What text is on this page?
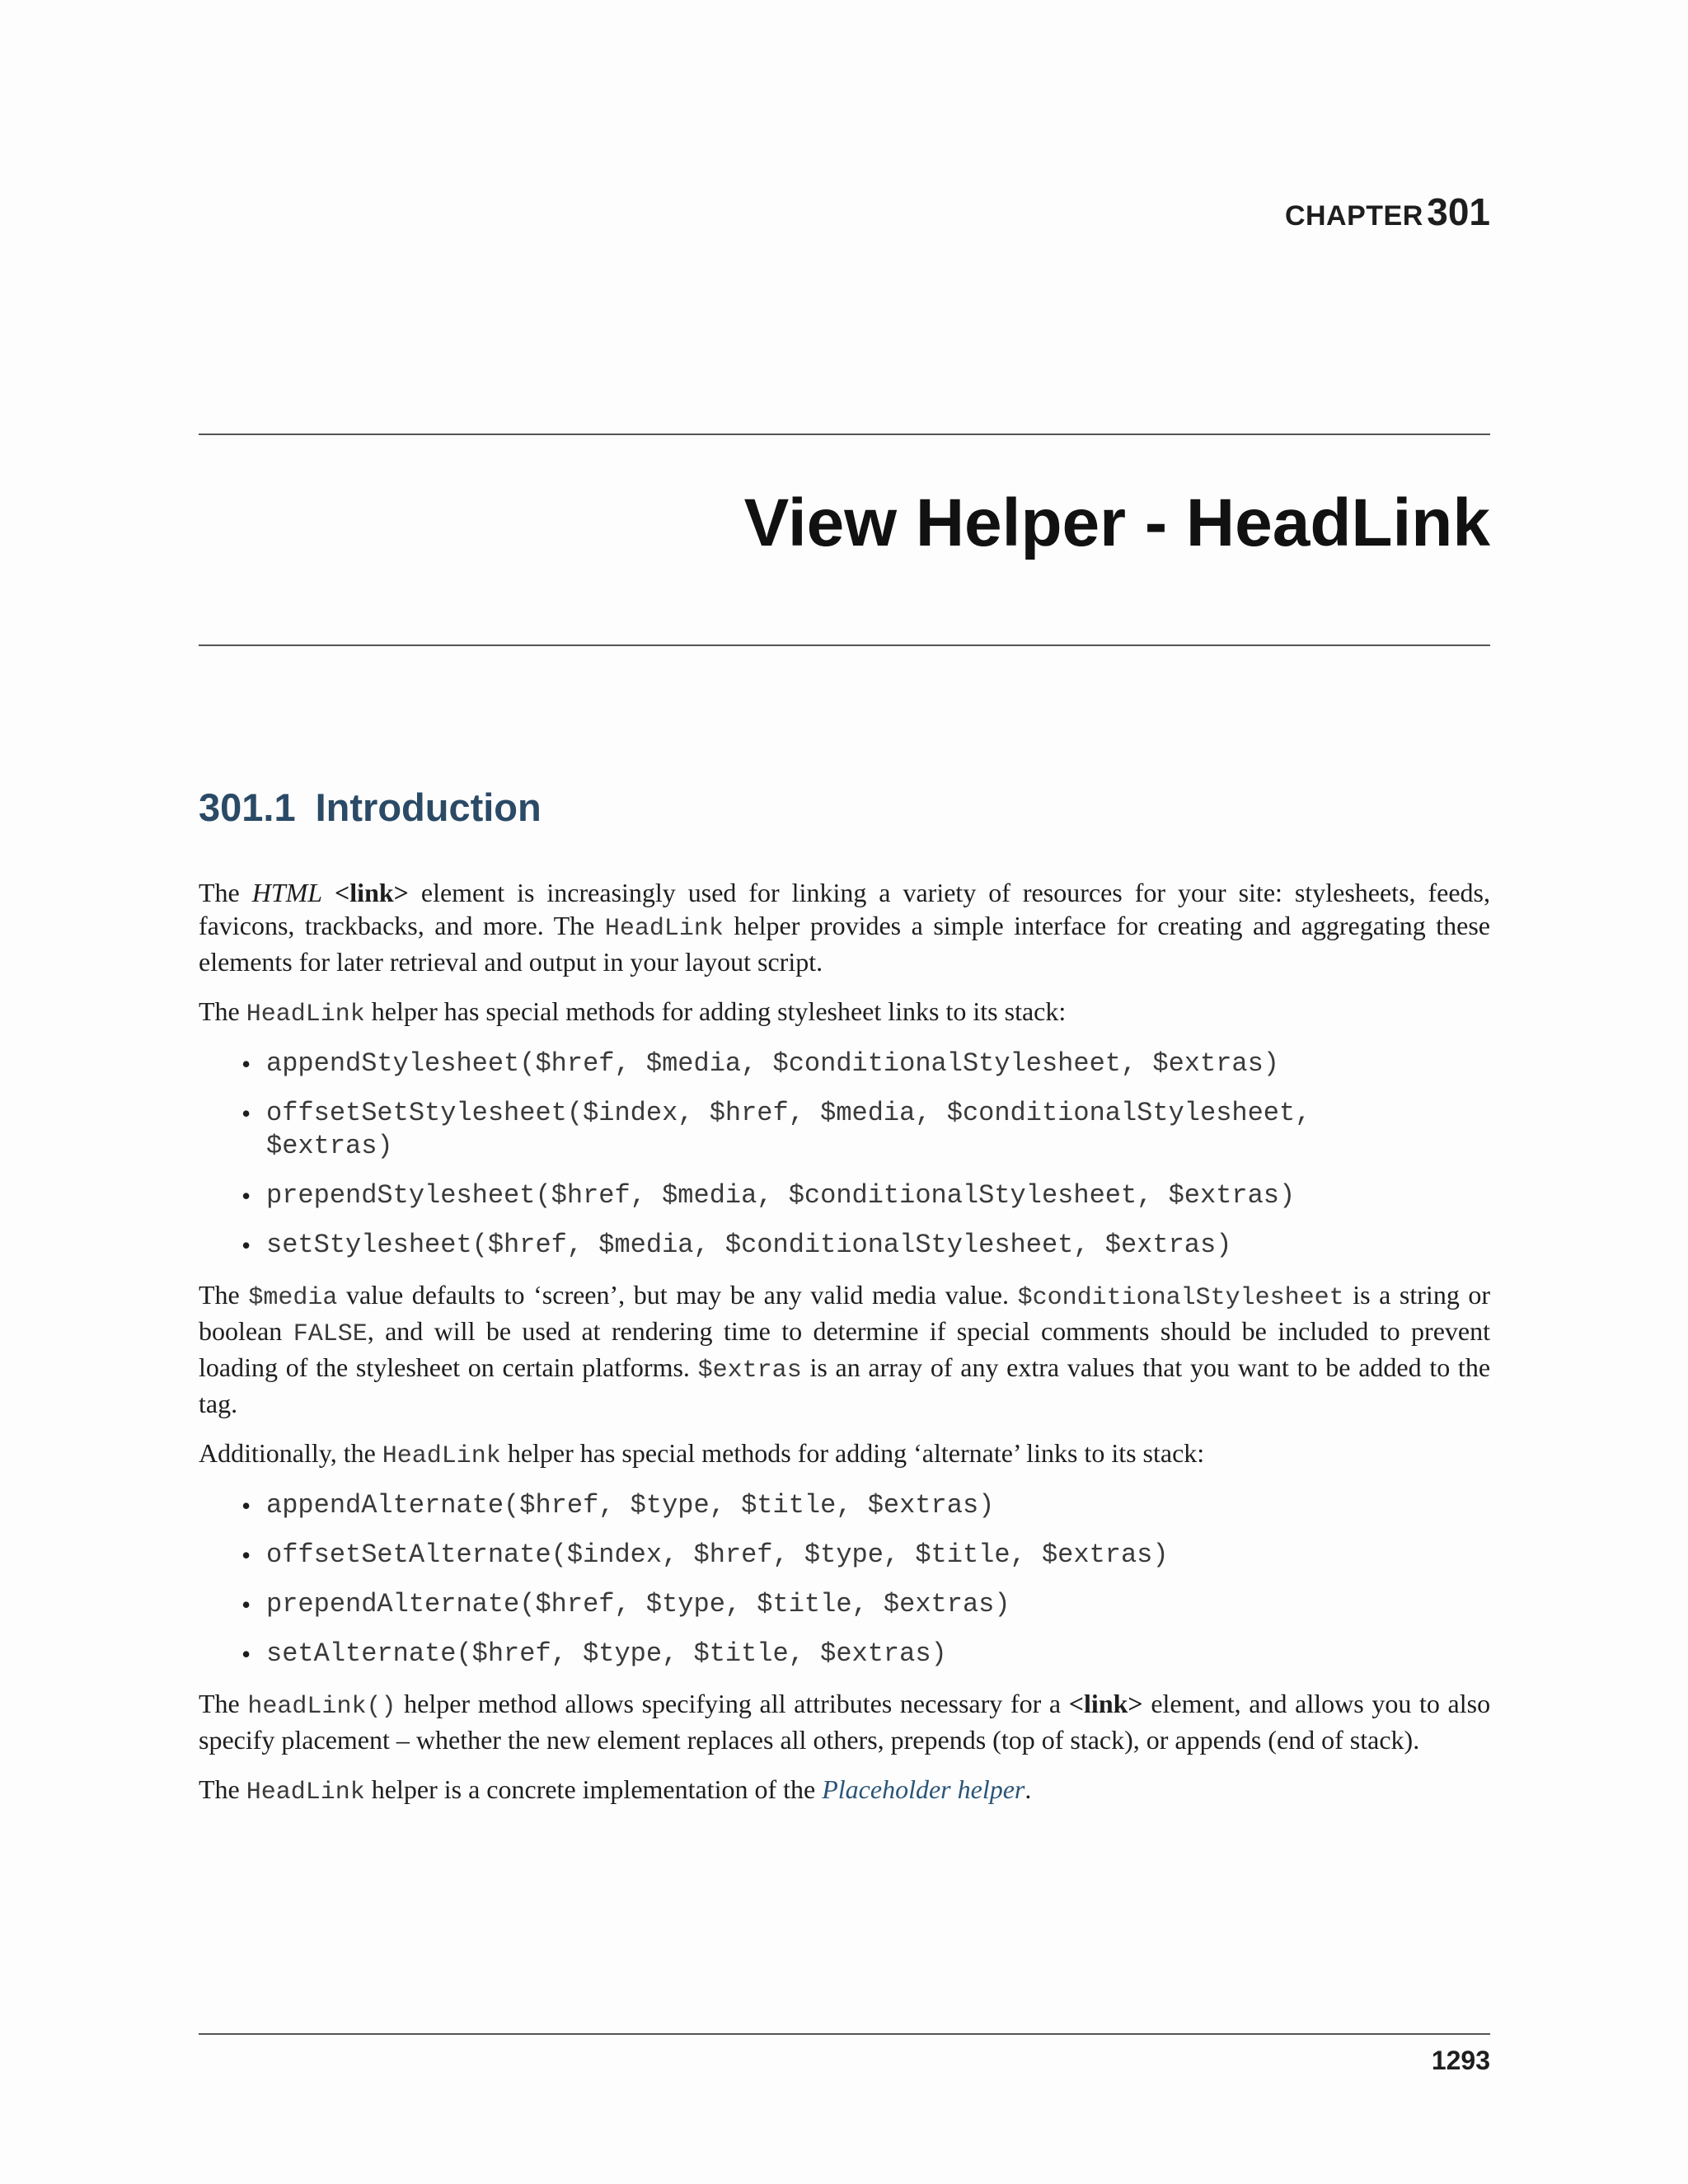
CHAPTER 301
View Helper - HeadLink
301.1 Introduction

The HTML <link> element is increasingly used for linking a variety of resources for your site: stylesheets, feeds, favicons, trackbacks, and more. The HeadLink helper provides a simple interface for creating and aggregating these elements for later retrieval and output in your layout script.

The HeadLink helper has special methods for adding stylesheet links to its stack:

• appendStylesheet($href, $media, $conditionalStylesheet, $extras)
• offsetSetStylesheet($index, $href, $media, $conditionalStylesheet,
$extras)
• prependStylesheet($href, $media, $conditionalStylesheet, $extras)
• setStylesheet($href, $media, $conditionalStylesheet, $extras)

The $media value defaults to ‘screen’, but may be any valid media value. $conditionalStylesheet is a string or boolean FALSE, and will be used at rendering time to determine if special comments should be included to prevent loading of the stylesheet on certain platforms. $extras is an array of any extra values that you want to be added to the tag.

Additionally, the HeadLink helper has special methods for adding ‘alternate’ links to its stack:

• appendAlternate($href, $type, $title, $extras)
• offsetSetAlternate($index, $href, $type, $title, $extras)
• prependAlternate($href, $type, $title, $extras)
• setAlternate($href, $type, $title, $extras)

The headLink() helper method allows specifying all attributes necessary for a <link> element, and allows you to also specify placement – whether the new element replaces all others, prepends (top of stack), or appends (end of stack).

The HeadLink helper is a concrete implementation of the Placeholder helper.

1293
